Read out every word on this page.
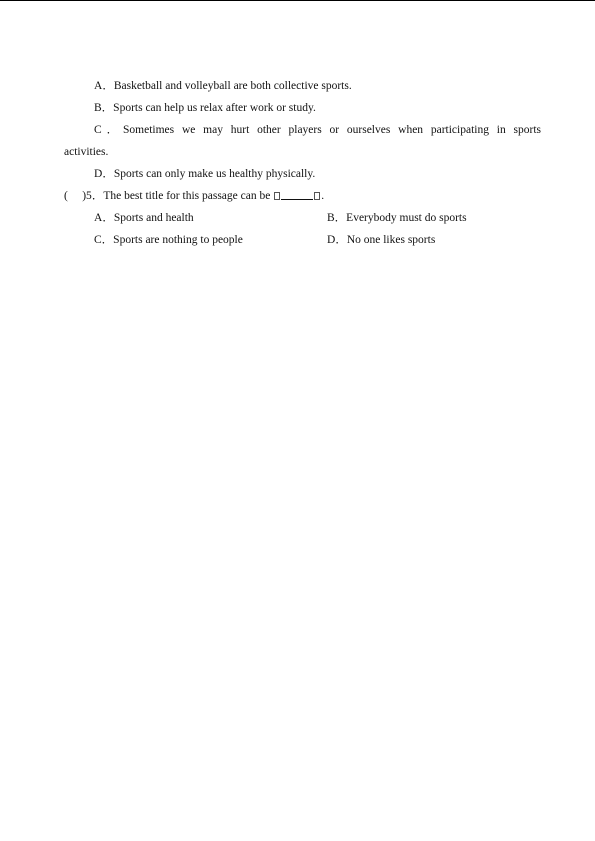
A．Basketball and volleyball are both collective sports.
B．Sports can help us relax after work or study.
C．Sometimes we may hurt other players or ourselves when participating in sports
activities.
D．Sports can only make us healthy physically.
( )5．The best title for this passage can be	.
A．Sports and health	B．Everybody must do sports
C．Sports are nothing to people	D．No one likes sports
